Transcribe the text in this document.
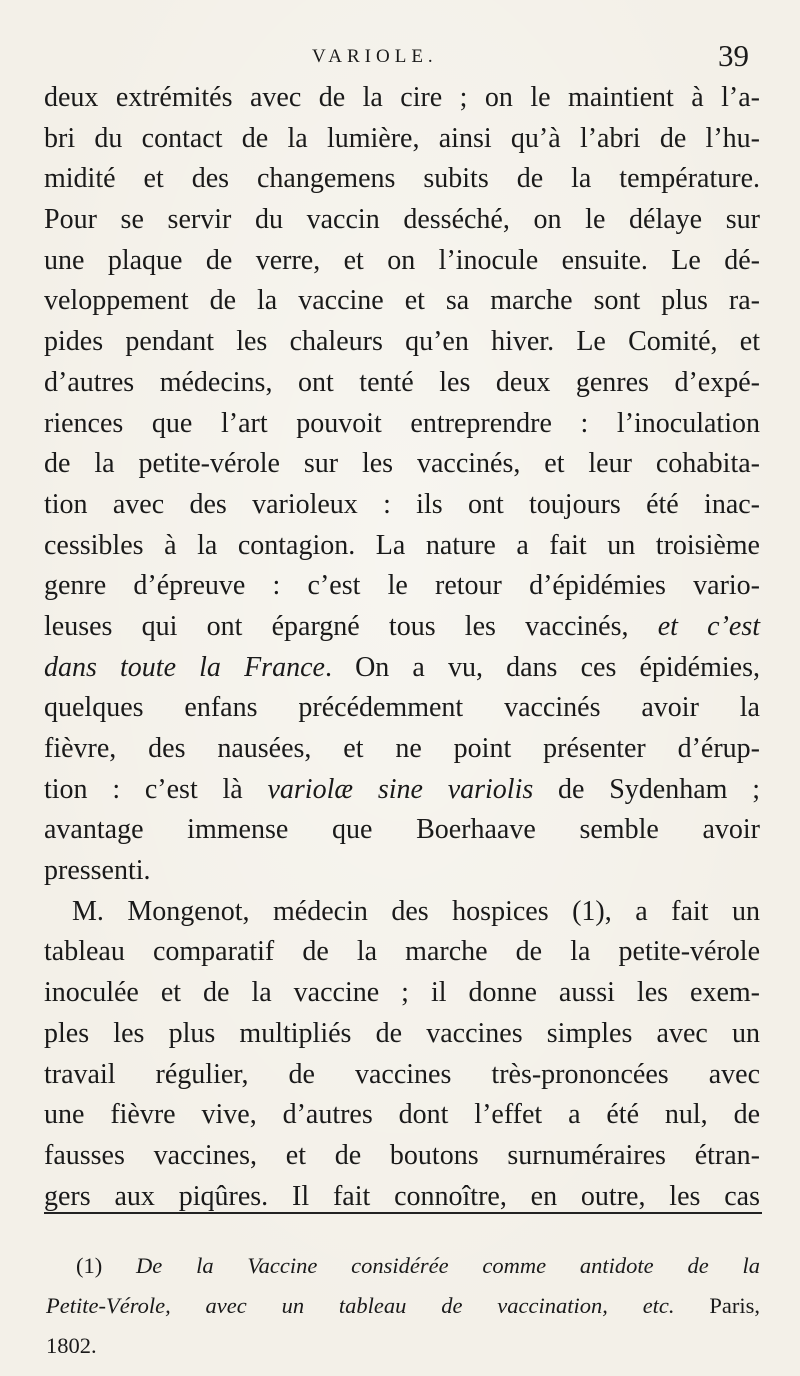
VARIOLE.	39
deux extrémités avec de la cire ; on le maintient à l’a-
bri du contact de la lumière, ainsi qu’à l’abri de l’hu-
midité et des changemens subits de la température.
Pour se servir du vaccin desséché, on le délaye sur
une plaque de verre, et on l’inocule ensuite. Le dé-
veloppement de la vaccine et sa marche sont plus ra-
pides pendant les chaleurs qu’en hiver. Le Comité, et
d’autres médecins, ont tenté les deux genres d’expé-
riences que l’art pouvoit entreprendre : l’inoculation
de la petite-vérole sur les vaccinés, et leur cohabita-
tion avec des varioleux : ils ont toujours été inac-
cessibles à la contagion. La nature a fait un troisième
genre d’épreuve : c’est le retour d’épidémies vario-
leuses qui ont épargné tous les vaccinés, et c’est
dans toute la France. On a vu, dans ces épidémies,
quelques enfans précédemment vaccinés avoir la
fièvre, des nausées, et ne point présenter d’érup-
tion : c’est là variolæ sine variolis de Sydenham ;
avantage immense que Boerhaave semble avoir
pressenti.
M. Mongenot, médecin des hospices (1), a fait un
tableau comparatif de la marche de la petite-vérole
inoculée et de la vaccine ; il donne aussi les exem-
ples les plus multipliés de vaccines simples avec un
travail régulier, de vaccines très-prononcées avec
une fièvre vive, d’autres dont l’effet a été nul, de
fausses vaccines, et de boutons surnuméraires étran-
gers aux piqûres. Il fait connoître, en outre, les cas
(1) De la Vaccine considérée comme antidote de la
Petite-Vérole, avec un tableau de vaccination, etc. Paris,
1802.
